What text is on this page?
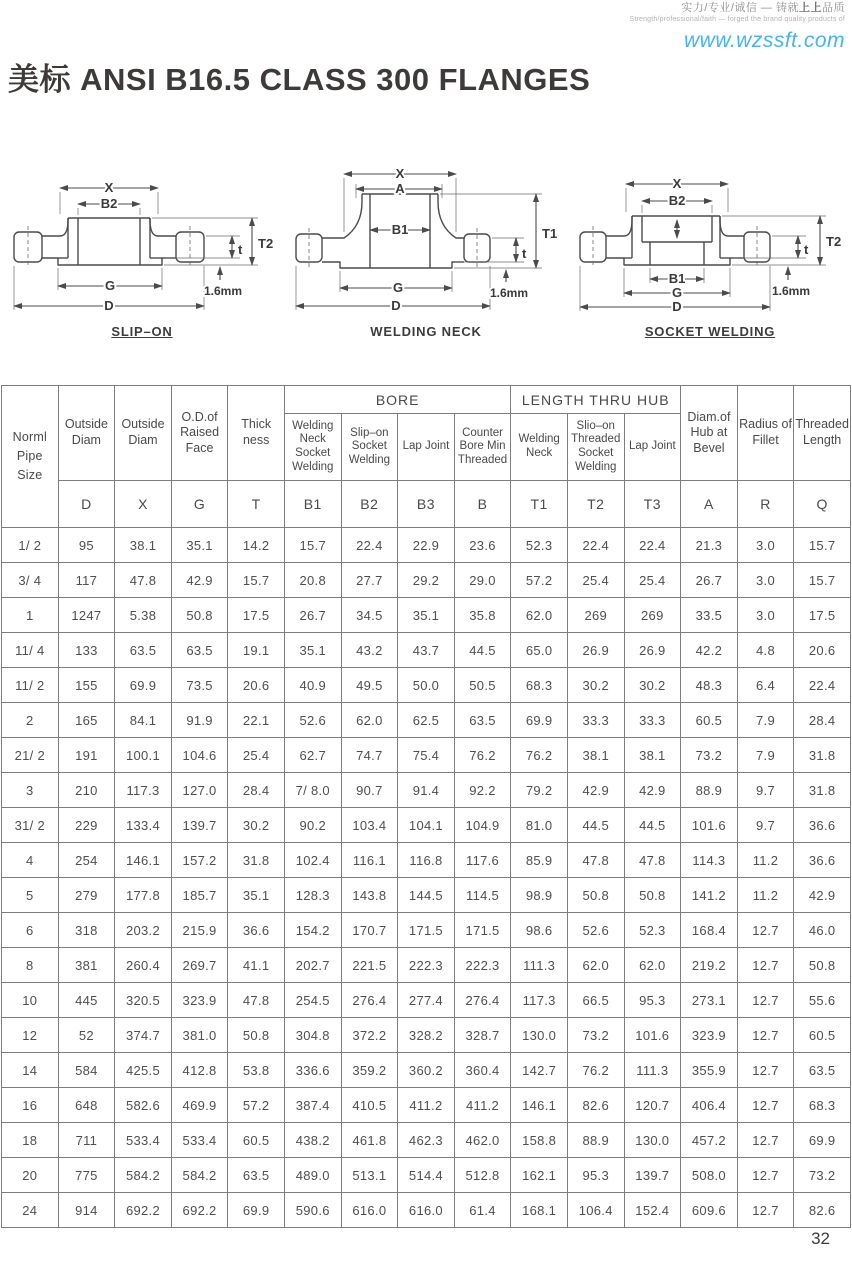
实力/专业/诚信 — 铸就上上品质
Strength/professional/faith — forged the brand quality products of
www.wzssft.com
美标 ANSI B16.5 CLASS 300 FLANGES
X
B2
G
D
t T2
1.6mm
SLIP–ON
X
A
B1
G
D
t
T1
1.6mm
WELDING NECK
X
B2
B1
G
D
t
T2
1.6mm
SOCKET WELDING
Norml Pipe Size	Outside Diam	Outside Diam	O.D.of Raised Face	Thick ness	BORE				LENGTH THRU HUB			Diam.of Hub at Bevel	Radius of Fillet	Threaded Length
					Welding Neck Socket Welding	Slip–on Socket Welding	Lap Joint	Counter Bore Min Threaded	Welding Neck	Slio–on Threaded Socket Welding	Lap Joint			
	D	X	G	T	B1	B2	B3	B	T1	T2	T3	A	R	Q
1/ 2	95	38.1	35.1	14.2	15.7	22.4	22.9	23.6	52.3	22.4	22.4	21.3	3.0	15.7
3/ 4	117	47.8	42.9	15.7	20.8	27.7	29.2	29.0	57.2	25.4	25.4	26.7	3.0	15.7
1	1247	5.38	50.8	17.5	26.7	34.5	35.1	35.8	62.0	269	269	33.5	3.0	17.5
11/ 4	133	63.5	63.5	19.1	35.1	43.2	43.7	44.5	65.0	26.9	26.9	42.2	4.8	20.6
11/ 2	155	69.9	73.5	20.6	40.9	49.5	50.0	50.5	68.3	30.2	30.2	48.3	6.4	22.4
2	165	84.1	91.9	22.1	52.6	62.0	62.5	63.5	69.9	33.3	33.3	60.5	7.9	28.4
21/ 2	191	100.1	104.6	25.4	62.7	74.7	75.4	76.2	76.2	38.1	38.1	73.2	7.9	31.8
3	210	117.3	127.0	28.4	7/ 8.0	90.7	91.4	92.2	79.2	42.9	42.9	88.9	9.7	31.8
31/ 2	229	133.4	139.7	30.2	90.2	103.4	104.1	104.9	81.0	44.5	44.5	101.6	9.7	36.6
4	254	146.1	157.2	31.8	102.4	116.1	116.8	117.6	85.9	47.8	47.8	114.3	11.2	36.6
5	279	177.8	185.7	35.1	128.3	143.8	144.5	114.5	98.9	50.8	50.8	141.2	11.2	42.9
6	318	203.2	215.9	36.6	154.2	170.7	171.5	171.5	98.6	52.6	52.3	168.4	12.7	46.0
8	381	260.4	269.7	41.1	202.7	221.5	222.3	222.3	111.3	62.0	62.0	219.2	12.7	50.8
10	445	320.5	323.9	47.8	254.5	276.4	277.4	276.4	117.3	66.5	95.3	273.1	12.7	55.6
12	52	374.7	381.0	50.8	304.8	372.2	328.2	328.7	130.0	73.2	101.6	323.9	12.7	60.5
14	584	425.5	412.8	53.8	336.6	359.2	360.2	360.4	142.7	76.2	111.3	355.9	12.7	63.5
16	648	582.6	469.9	57.2	387.4	410.5	411.2	411.2	146.1	82.6	120.7	406.4	12.7	68.3
18	711	533.4	533.4	60.5	438.2	461.8	462.3	462.0	158.8	88.9	130.0	457.2	12.7	69.9
20	775	584.2	584.2	63.5	489.0	513.1	514.4	512.8	162.1	95.3	139.7	508.0	12.7	73.2
24	914	692.2	692.2	69.9	590.6	616.0	616.0	61.4	168.1	106.4	152.4	609.6	12.7	82.6
32
